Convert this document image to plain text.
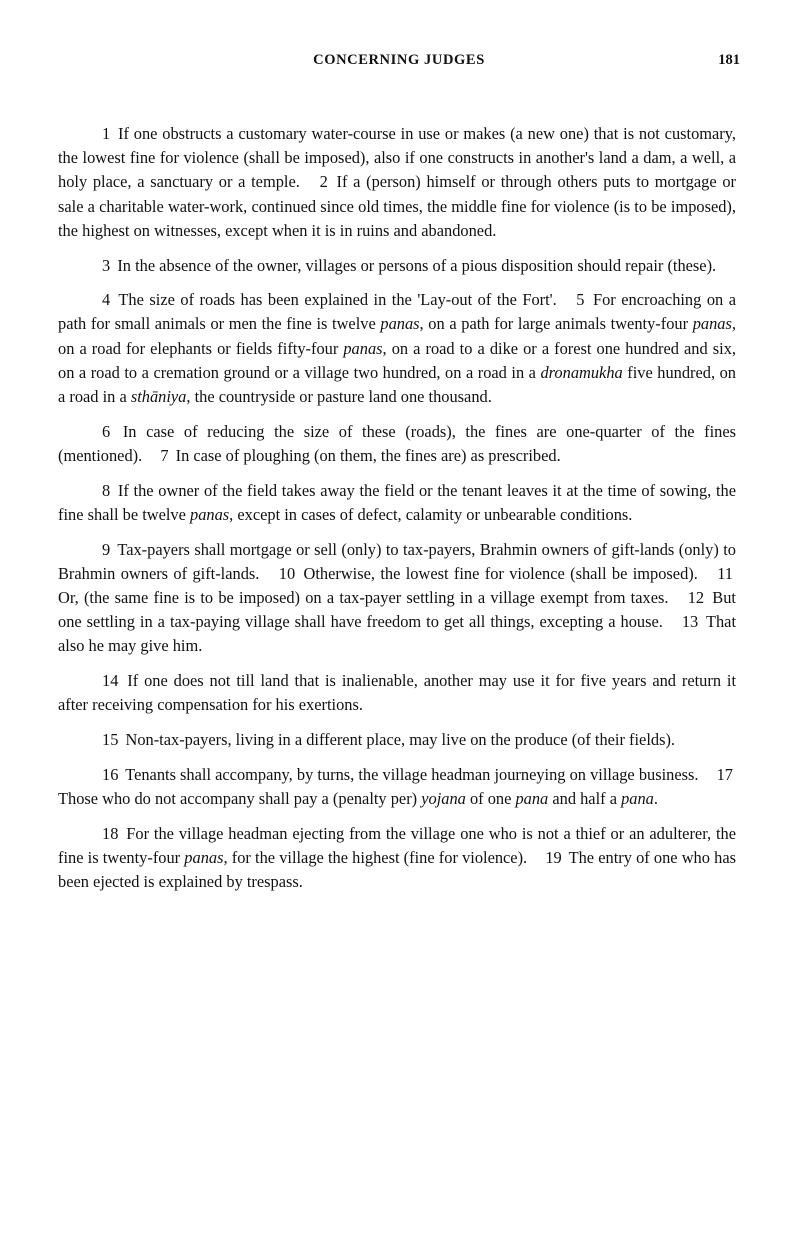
CONCERNING JUDGES	181

1 If one obstructs a customary water-course in use or makes (a new one) that is not customary, the lowest fine for violence (shall be imposed), also if one constructs in another's land a dam, a well, a holy place, a sanctuary or a temple. 2 If a (person) himself or through others puts to mortgage or sale a charitable water-work, continued since old times, the middle fine for violence (is to be imposed), the highest on witnesses, except when it is in ruins and abandoned.

3 In the absence of the owner, villages or persons of a pious disposition should repair (these).

4 The size of roads has been explained in the 'Lay-out of the Fort'. 5 For encroaching on a path for small animals or men the fine is twelve panas, on a path for large animals twenty-four panas, on a road for elephants or fields fifty-four panas, on a road to a dike or a forest one hundred and six, on a road to a cremation ground or a village two hundred, on a road in a dronamukha five hundred, on a road in a sthāniya, the countryside or pasture land one thousand.

6 In case of reducing the size of these (roads), the fines are one-quarter of the fines (mentioned). 7 In case of ploughing (on them, the fines are) as prescribed.

8 If the owner of the field takes away the field or the tenant leaves it at the time of sowing, the fine shall be twelve panas, except in cases of defect, calamity or unbearable conditions.

9 Tax-payers shall mortgage or sell (only) to tax-payers, Brahmin owners of gift-lands (only) to Brahmin owners of gift-lands. 10 Otherwise, the lowest fine for violence (shall be imposed). 11 Or, (the same fine is to be imposed) on a tax-payer settling in a village exempt from taxes. 12 But one settling in a tax-paying village shall have freedom to get all things, excepting a house. 13 That also he may give him.

14 If one does not till land that is inalienable, another may use it for five years and return it after receiving compensation for his exertions.

15 Non-tax-payers, living in a different place, may live on the produce (of their fields).

16 Tenants shall accompany, by turns, the village headman journeying on village business. 17 Those who do not accompany shall pay a (penalty per) yojana of one pana and half a pana.

18 For the village headman ejecting from the village one who is not a thief or an adulterer, the fine is twenty-four panas, for the village the highest (fine for violence). 19 The entry of one who has been ejected is explained by trespass.
